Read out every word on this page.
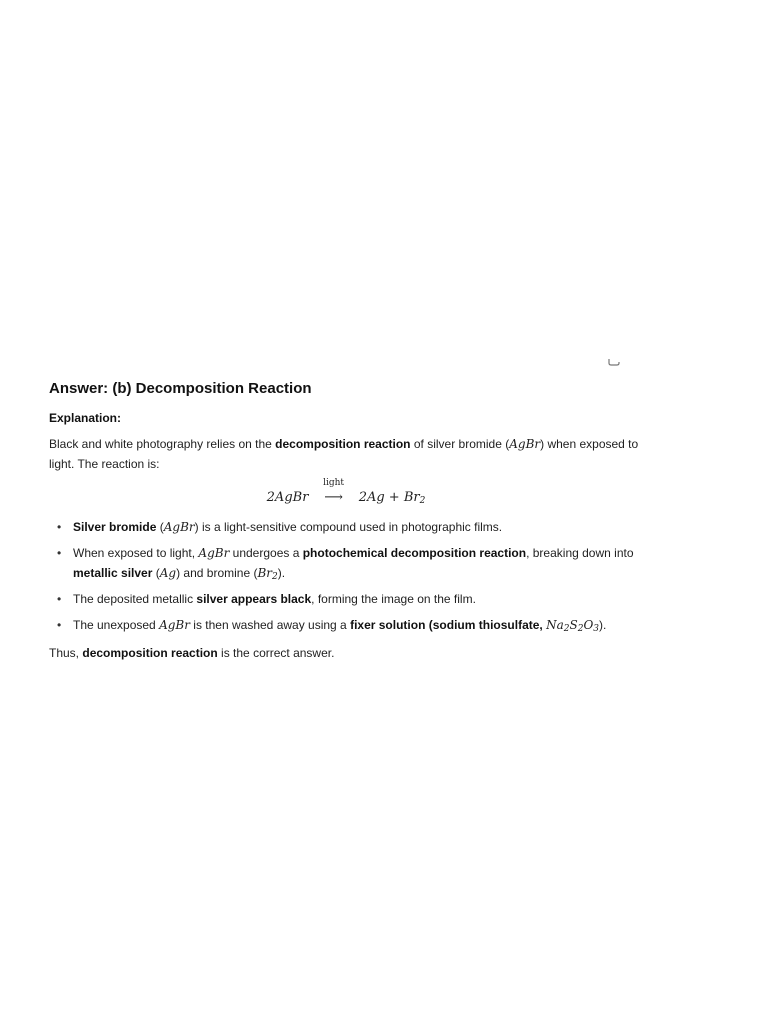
Answer: (b) Decomposition Reaction
Explanation:
Black and white photography relies on the decomposition reaction of silver bromide (AgBr) when exposed to light. The reaction is:
2AgBr
light
⟶ $2Ag + Br_2$
• Silver bromide (AgBr) is a light-sensitive compound used in photographic films.
• When exposed to light, AgBr undergoes a photochemical decomposition reaction, breaking down into metallic silver (Ag) and bromine $(Br_2)$.
• The deposited metallic silver appears black, forming the image on the film.
• The unexposed AgBr is then washed away using a fixer solution (sodium thiosulfate, $Na_2S_2O_3$).
Thus, decomposition reaction is the correct answer.
